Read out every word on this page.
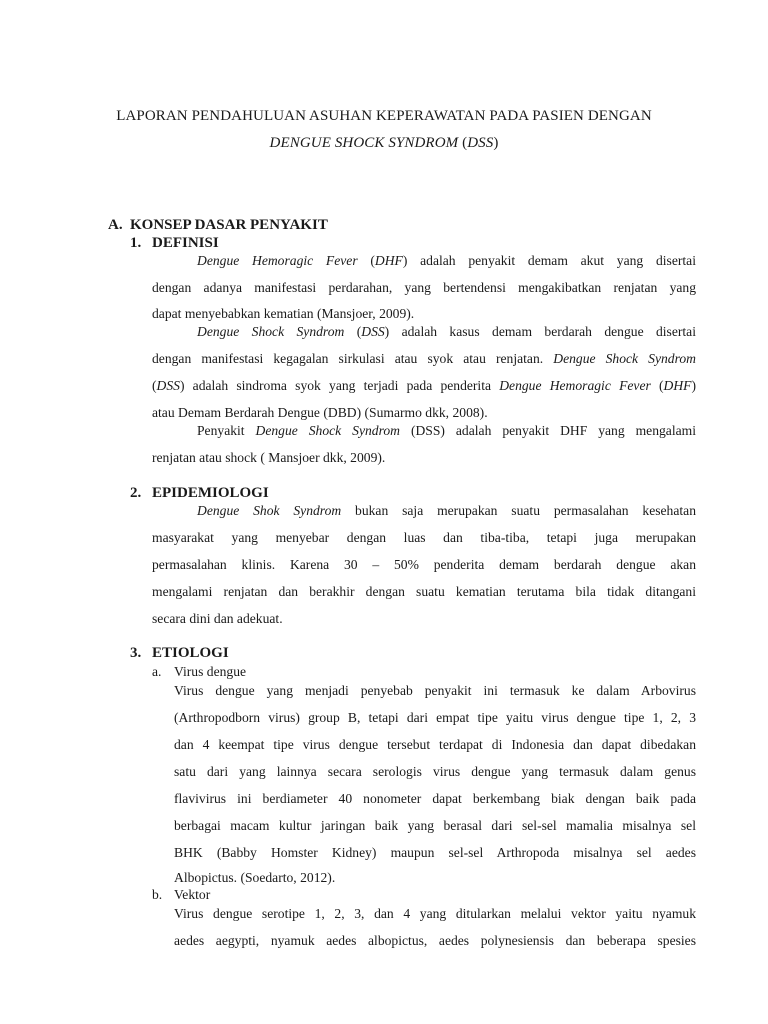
LAPORAN PENDAHULUAN ASUHAN KEPERAWATAN PADA PASIEN DENGAN
DENGUE SHOCK SYNDROM (DSS)
A. KONSEP DASAR PENYAKIT
1. DEFINISI
Dengue Hemoragic Fever (DHF) adalah penyakit demam akut yang disertai
dengan adanya manifestasi perdarahan, yang bertendensi mengakibatkan renjatan yang
dapat menyebabkan kematian (Mansjoer, 2009).
Dengue Shock Syndrom (DSS) adalah kasus demam berdarah dengue disertai
dengan manifestasi kegagalan sirkulasi atau syok atau renjatan. Dengue Shock Syndrom
(DSS) adalah sindroma syok yang terjadi pada penderita Dengue Hemoragic Fever (DHF)
atau Demam Berdarah Dengue (DBD) (Sumarmo dkk, 2008).
Penyakit Dengue Shock Syndrom (DSS) adalah penyakit DHF yang mengalami
renjatan atau shock ( Mansjoer dkk, 2009).
2. EPIDEMIOLOGI
Dengue Shok Syndrom bukan saja merupakan suatu permasalahan kesehatan
masyarakat yang menyebar dengan luas dan tiba-tiba, tetapi juga merupakan
permasalahan klinis. Karena 30 – 50% penderita demam berdarah dengue akan
mengalami renjatan dan berakhir dengan suatu kematian terutama bila tidak ditangani
secara dini dan adekuat.
3. ETIOLOGI
a. Virus dengue
Virus dengue yang menjadi penyebab penyakit ini termasuk ke dalam Arbovirus
(Arthropodborn virus) group B, tetapi dari empat tipe yaitu virus dengue tipe 1, 2, 3
dan 4 keempat tipe virus dengue tersebut terdapat di Indonesia dan dapat dibedakan
satu dari yang lainnya secara serologis virus dengue yang termasuk dalam genus
flavivirus ini berdiameter 40 nonometer dapat berkembang biak dengan baik pada
berbagai macam kultur jaringan baik yang berasal dari sel-sel mamalia misalnya sel
BHK (Babby Homster Kidney) maupun sel-sel Arthropoda misalnya sel aedes
Albopictus. (Soedarto, 2012).
b. Vektor
Virus dengue serotipe 1, 2, 3, dan 4 yang ditularkan melalui vektor yaitu nyamuk
aedes aegypti, nyamuk aedes albopictus, aedes polynesiensis dan beberapa spesies
